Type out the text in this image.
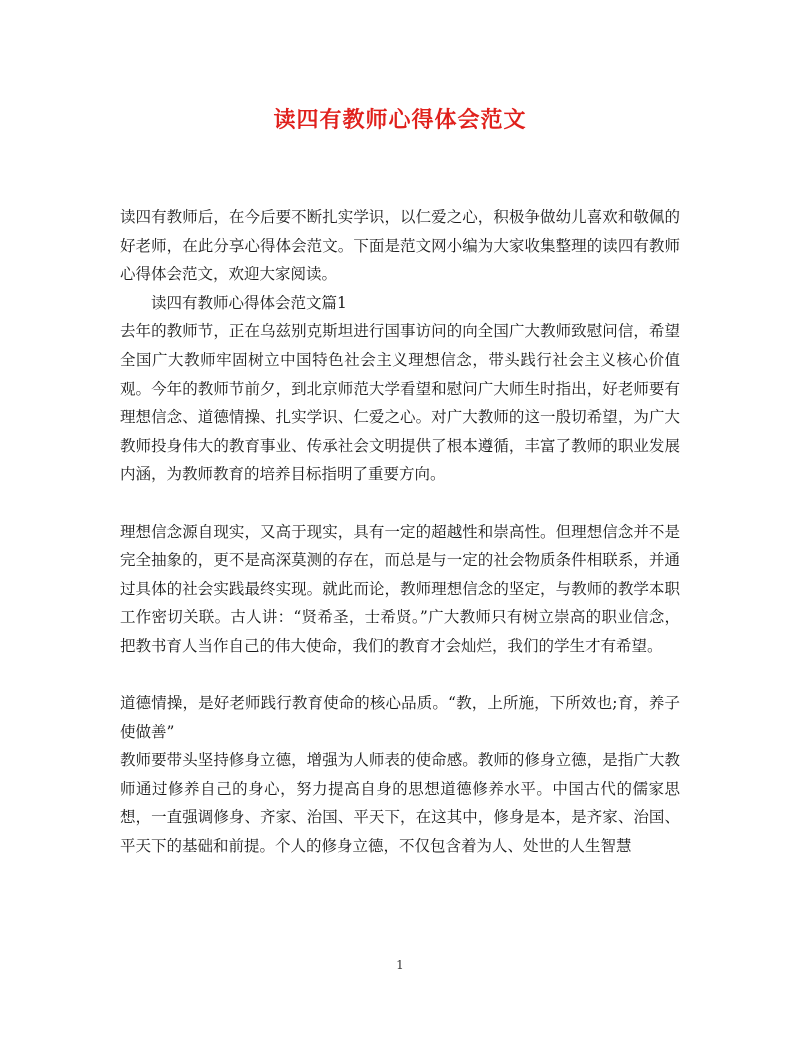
读四有教师心得体会范文

读四有教师后，在今后要不断扎实学识，以仁爱之心，积极争做幼儿喜欢和敬佩的好老师，在此分享心得体会范文。下面是范文网小编为大家收集整理的读四有教师心得体会范文，欢迎大家阅读。

读四有教师心得体会范文篇1

去年的教师节，正在乌兹别克斯坦进行国事访问的向全国广大教师致慰问信，希望全国广大教师牢固树立中国特色社会主义理想信念，带头践行社会主义核心价值观。今年的教师节前夕，到北京师范大学看望和慰问广大师生时指出，好老师要有理想信念、道德情操、扎实学识、仁爱之心。对广大教师的这一殷切希望，为广大教师投身伟大的教育事业、传承社会文明提供了根本遵循，丰富了教师的职业发展内涵，为教师教育的培养目标指明了重要方向。

理想信念源自现实，又高于现实，具有一定的超越性和崇高性。但理想信念并不是完全抽象的，更不是高深莫测的存在，而总是与一定的社会物质条件相联系，并通过具体的社会实践最终实现。就此而论，教师理想信念的坚定，与教师的教学本职工作密切关联。古人讲：“贤希圣，士希贤。”广大教师只有树立崇高的职业信念，把教书育人当作自己的伟大使命，我们的教育才会灿烂，我们的学生才有希望。

道德情操，是好老师践行教育使命的核心品质。“教，上所施，下所效也;育，养子使做善”

教师要带头坚持修身立德，增强为人师表的使命感。教师的修身立德，是指广大教师通过修养自己的身心，努力提高自身的思想道德修养水平。中国古代的儒家思想，一直强调修身、齐家、治国、平天下，在这其中，修身是本，是齐家、治国、平天下的基础和前提。个人的修身立德，不仅包含着为人、处世的人生智慧

1
